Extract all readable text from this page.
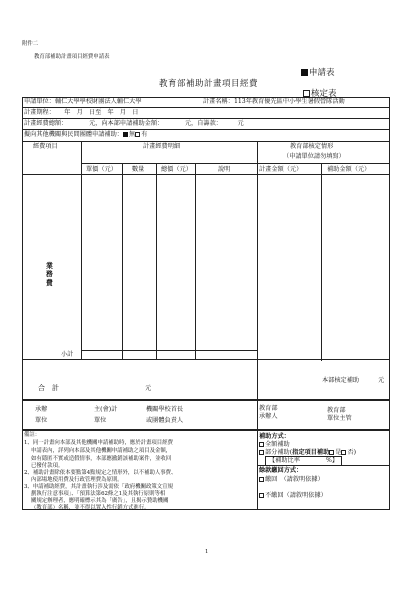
附件二
教育部補助計畫項目經費申請表
申請表
教育部補助計畫項目經費
核定表
申請單位：輔仁大學學校財團法人輔仁大學	計畫名稱：113年教育優先區中小學生暑假營隊活動
計畫期程：　　年　月　日至　年　月　日
計畫經費總額：　　　　元，向本部申請補助金額：　　　　元，自籌款：　　　元
擬向其他機關與民間團體申請補助： 無 有
經費項目	計畫經費明細	教育部核定情形
（申請單位請勿填寫）
單價（元） 數量	總價（元）	說明	計畫金額（元）	補助金額（元）
業務費
小計
合　計	元
本部核定補助	元
承辦
單位
主(會)計
單位
機關學校首長
或團體負責人
教育部
承辦人
教育部
單位主管
備註：
1、同一計畫向本部及其他機關申請補助時，應於計畫項目經費
申請表內，詳列向本部及其他機關申請補助之項目及金額，
如有隱匿不實或造假情事，本部應撤銷該補助案件，並收回
已撥付款項。
2、補助計畫除依本要點第4點規定之情形外，以不補助人事費、
內部場地使用費及行政管理費為原則。
3、申請補助經費，其計畫執行涉及需依「政府機關政策文宣規
劃執行注意事項」、「預算法第62條之1及其執行原則等相
關規定辦理者，應明確標示其為「廣告」，且揭示贊助機關
（教育部）名稱，並不得以置入性行銷方式進行。
補助方式：
全額補助
部分補助(指定項目補助 是 否)
【補助比率	%】
餘款繳回方式：
繳回　（請敘明依據）
不繳回（請敘明依據）
1
